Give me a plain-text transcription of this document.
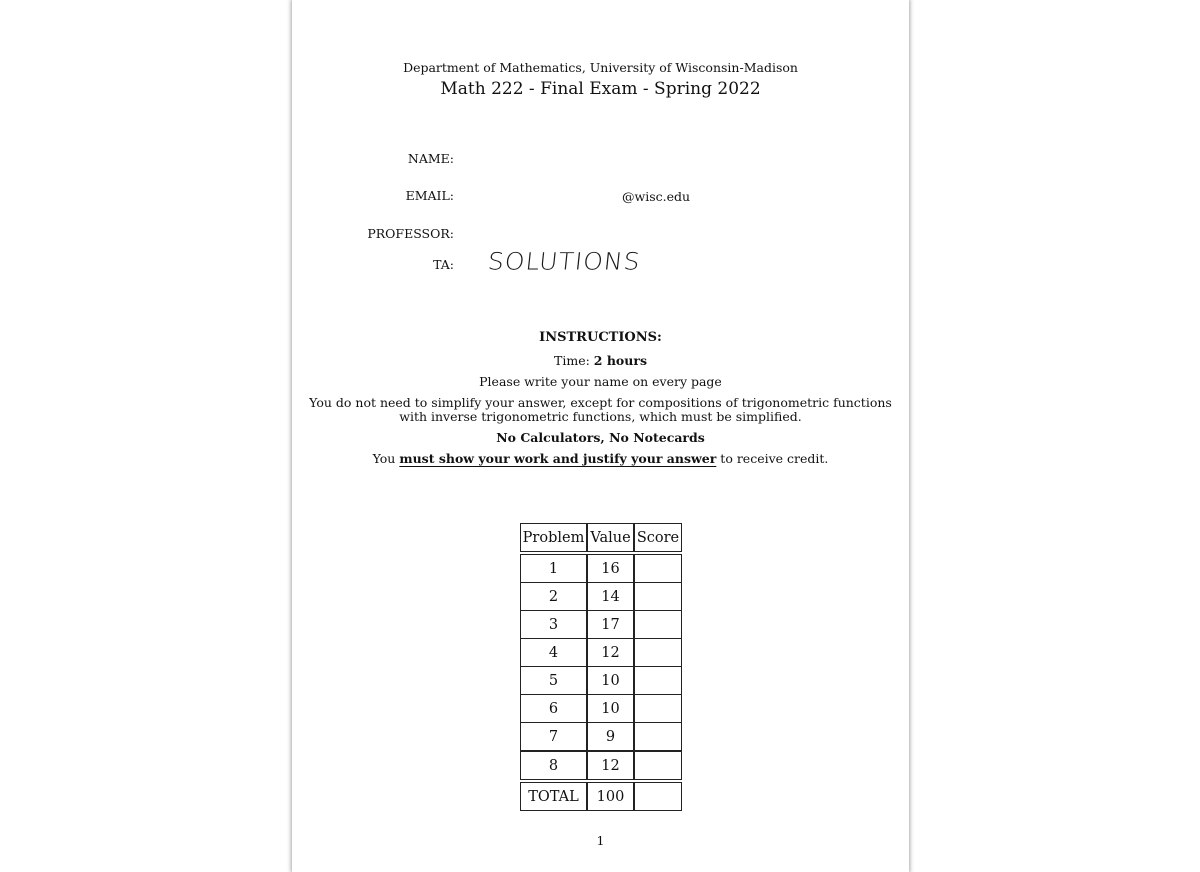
Department of Mathematics, University of Wisconsin-Madison
Math 222 - Final Exam - Spring 2022
NAME:
EMAIL:	@wisc.edu
PROFESSOR:
TA: SOLUTIONS
INSTRUCTIONS:
Time: 2 hours
Please write your name on every page
You do not need to simplify your answer, except for compositions of trigonometric functions
with inverse trigonometric functions, which must be simplified.
No Calculators, No Notecards
You must show your work and justify your answer to receive credit.
Problem Value Score
1	16
2	14
3	17
4	12
5	10
6	10
7	9
8	12
TOTAL	100
1
